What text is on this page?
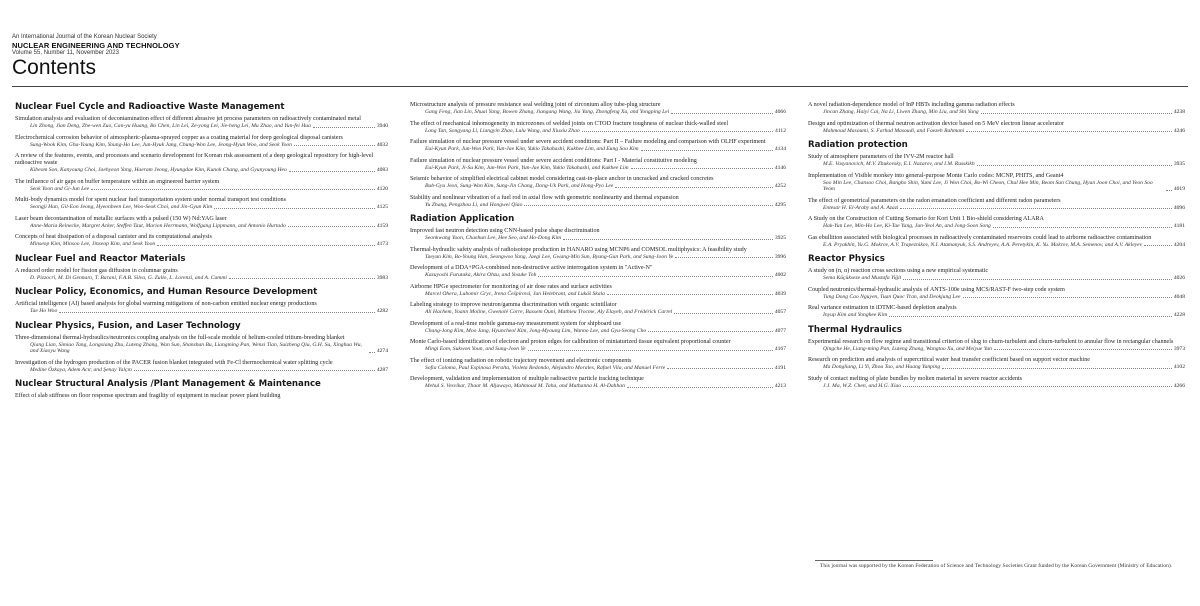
An International Journal of the Korean Nuclear Society
NUCLEAR ENGINEERING AND TECHNOLOGY
Volume 55, Number 11, November 2023
Contents
Nuclear Fuel Cycle and Radioactive Waste Management
Simulation analysis and evaluation of decontamination effect of different abrasive jet process parameters on radioactively contaminated metal
Lin Zhong, Jian Deng, Zhe-wen Zuo, Can-yu Huang, Bo Chen, Lin Lei, Ze-yong Lei, Jie-heng Lei, Mu Zhao, and Yun-fei Hua	3940
Electrochemical corrosion behavior of atmospheric-plasma-sprayed copper as a coating material for deep geological disposal canisters
Sung-Wook Kim, Gha-Young Kim, Young-Ho Lee, Jun-Hyuk Jang, Chung-Won Lee, Jeong-Hyun Woo, and Seok Yoon	4032
A review of the features, events, and processes and scenario development for Korean risk assessment of a deep geological repository for high-level radioactive waste
Kibeom Son, Kanyoung Choi, Jaehyeon Yang, Haeram Jeong, Hyungdae Kim, Kunok Chang, and Gyunyoung Heo	4083
The influence of air gaps on buffer temperature within an engineered barrier system
Seok Yoon and Gi-Jun Lee	4120
Multi-body dynamics model for spent nuclear fuel transportation system under normal transport test conditions
Seongji Han, Gil-Eon Jeong, Hyeonbeen Lee, Woo-Seok Choi, and Jin-Gyun Kim	4125
Laser beam decontamination of metallic surfaces with a pulsed (150 W) Nd:YAG laser
Anne-Maria Reinecke, Margret Acker, Steffen Taut, Marion Herrmann, Wolfgang Lippmann, and Antonio Hurtado	4159
Concepts of heat dissipation of a disposal canister and its computational analysis
Minseop Kim, Minsoo Lee, Jinseop Kim, and Seok Yoon	4173
Nuclear Fuel and Reactor Materials
A reduced order model for fission gas diffusion in columnar grains
D. Pizzocri, M. Di Gennaro, T. Barani, F.A.B. Silva, G. Zullo, L. Lorenzi, and A. Cammi	3983
Nuclear Policy, Economics, and Human Resource Development
Artificial intelligence (AI) based analysis for global warming mitigations of non-carbon emitted nuclear energy productions
Tae Ho Woo	4282
Nuclear Physics, Fusion, and Laser Technology
Three-dimensional thermal-hydraulics/neutronics coupling analysis on the full-scale module of helium-cooled tritium-breeding blanket
Qiang Lian, Simiao Tang, Longxiang Zhu, Luteng Zhang, Wan Sun, Shanshan Bu, Liangming Pan, Wenxi Tian, Suizheng Qiu, G.H. Su, Xinghua Wu, and Xiaoyu Wang	4274
Investigation of the hydrogen production of the PACER fusion blanket integrated with Fe-Cl thermochemical water splitting cycle
Medine Özkaya, Adem Acır, and Şenay Yalçın	4287
Nuclear Structural Analysis /Plant Management & Maintenance
Effect of slab stiffness on floor response spectrum and fragility of equipment in nuclear power plant building
Microstructure analysis of pressure resistance seal welding joint of zirconium alloy tube-plug structure
Gang Feng, Jian Lin, Shuai Yang, Bowen Zhang, Jiangang Wang, Jia Yang, Zhongfeng Xu, and Yongping Lei	4066
The effect of mechanical inhomogeneity in microzones of welded joints on CTOD fracture toughness of nuclear thick-walled steel
Long Tan, Songyang Li, Liangyin Zhao, Lulu Wang, and Xiuxiu Zhao	4112
Failure simulation of nuclear pressure vessel under severe accident conditions: Part II – Failure modeling and comparison with OLHF experiment
Eui-Kyun Park, Jun-Won Park, Yun-Jae Kim, Yukio Takahashi, Kukhee Lim, and Eung Soo Kim	4134
Failure simulation of nuclear pressure vessel under severe accident conditions: Part I - Material constitutive modeling
Eui-Kyun Park, Ji-Su Kim, Jun-Won Park, Yun-Jae Kim, Yukio Takahashi, and Kukhee Lim	4146
Seismic behavior of simplified electrical cabinet model considering cast-in-place anchor in uncracked and cracked concretes
Bub-Gyu Jeon, Sung-Wan Kim, Sung-Jin Chang, Dong-Uk Park, and Hong-Pyo Lee	4252
Stability and nonlinear vibration of a fuel rod in axial flow with geometric nonlinearity and thermal expansion
Yu Zhang, Pengzhou Li, and Hongwei Qiao	4295
Radiation Application
Improved fast neutron detection using CNN-based pulse shape discrimination
Seonkwang Yoon, Chaehun Lee, Hee Seo, and Ho-Dong Kim	3925
Thermal-hydraulic safety analysis of radioisotope production in HANARO using MCNP6 and COMSOL multiphysics: A feasibility study
Taeyun Kim, Bo-Young Han, Seongwoo Yang, Jaegi Lee, Gwang-Min Sun, Byung-Gun Park, and Sung-Joon Ye	3996
Development of a DDA+PGA-combined non-destructive active interrogation system in "Active-N"
Kazuyoshi Furutaka, Akira Ohzu, and Yosuke Toh	4002
Airborne HPGe spectrometer for monitoring of air dose rates and surface activities
Marcel Ohera, Lubomír Gryc, Irena Češpírová, Jan Helebrant, and Lukáš Skala	4039
Labeling strategy to improve neutron/gamma discrimination with organic scintillator
Ali Hachem, Yoann Moline, Gwenolé Corre, Bassem Ouni, Mathieu Trocme, Aly Elayeb, and Frédérick Carrel	4057
Development of a real-time mobile gamma-ray measurement system for shipboard use
Chang-Jong Kim, Moo Jang, Hyuncheol Kim, Jong-Myoung Lim, Wanno Lee, and Gyu-Seong Cho	4077
Monte Carlo-based identification of electron and proton edges for calibration of miniaturized tissue equivalent proportional counter
Mingi Eom, Sukwon Youn, and Sung-Joon Ye	4167
The effect of ionizing radiation on robotic trajectory movement and electronic components
Sofia Coloma, Paul Espinosa Peralta, Violeta Redondo, Alejandro Morales, Rafael Vila, and Manuel Ferre	4191
Development, validation and implementation of multiple radioactive particle tracking technique
Mehul S. Vesvikar, Thaar M. Aljuwaya, Mahmoud M. Taha, and Muthanna H. Al-Dahhan	4213
A novel radiation-dependence model of InP HBTs including gamma radiation effects
Jincan Zhang, Haiyi Cai, Na Li, Liwen Zhang, Min Liu, and Shi Yang	4238
Design and optimization of thermal neutron activation device based on 5 MeV electron linear accelerator
Mahmoud Masoumi, S. Farhad Masoudi, and Faezeh Rahmani	4246
Radiation protection
Study of atmosphere parameters of the IVV-2M reactor hall
M.E. Vasyanovich, M.V. Zhukovsky, E.I. Nazarov, and I.M. Russkikh	3935
Implementation of Visible monkey into general-purpose Monte Carlo codes: MCNP, PHITS, and Geant4
Soo Min Lee, Chansoo Choi, Bangho Shin, Yumi Lee, Ji Won Choi, Bo-Wi Cheon, Chul Hee Min, Beom Sun Chung, Hyun Joon Choi, and Yeon Soo Yeom	4019
The effect of geometrical parameters on the radon emanation coefficient and different radon parameters
Entesar H. El-Araby and A. Azazi	4096
A Study on the Construction of Cutting Scenario for Kori Unit 1 Bio-shield considering ALARA
Hak-Yun Lee, Min-Ho Lee, Ki-Tae Yang, Jun-Yeol An, and Jong-Soon Song	4181
Gas ebullition associated with biological processes in radioactively contaminated reservoirs could lead to airborne radioactive contamination
E.A. Pryakhin, Yu.G. Mokrov, A.V. Trapeznikov, N.I. Atamanyuk, S.S. Andreyev, A.A. Peretykin, K. Yu. Mokrov, M.A. Semenov, and A.V. Akleyev	4204
Reactor Physics
A study on (n, α) reaction cross sections using a new empirical systematic
Sema Küçükseze and Mustafa Yiğit	4026
Coupled neutronics/thermal-hydraulic analysis of ANTS-100e using MCS/RAST-F two-step code system
Tung Dong Cao Nguyen, Tuan Quoc Tran, and Deokjung Lee	4048
Real variance estimation in iDTMC-based depletion analysis
Inyup Kim and Yonghee Kim	4228
Thermal Hydraulics
Experimental research on flow regime and transitional criterion of slug to churn-turbulent and churn-turbulent to annular flow in rectangular channels
Qingche He, Liang-ming Pan, Luteng Zhang, Wangtao Xu, and Meiyue Yan	3973
Research on prediction and analysis of supercritical water heat transfer coefficient based on support vector machine
Ma Dongliang, Li Yi, Zhou Tao, and Huang Yanping	4102
Study of contact melting of plate bundles by molten material in severe reactor accidents
J.J. Ma, W.Z. Chen, and H.G. Xiao	4266
This journal was supported by the Korean Federation of Science and Technology Societies Grant funded by the Korean Government (Ministry of Education).
